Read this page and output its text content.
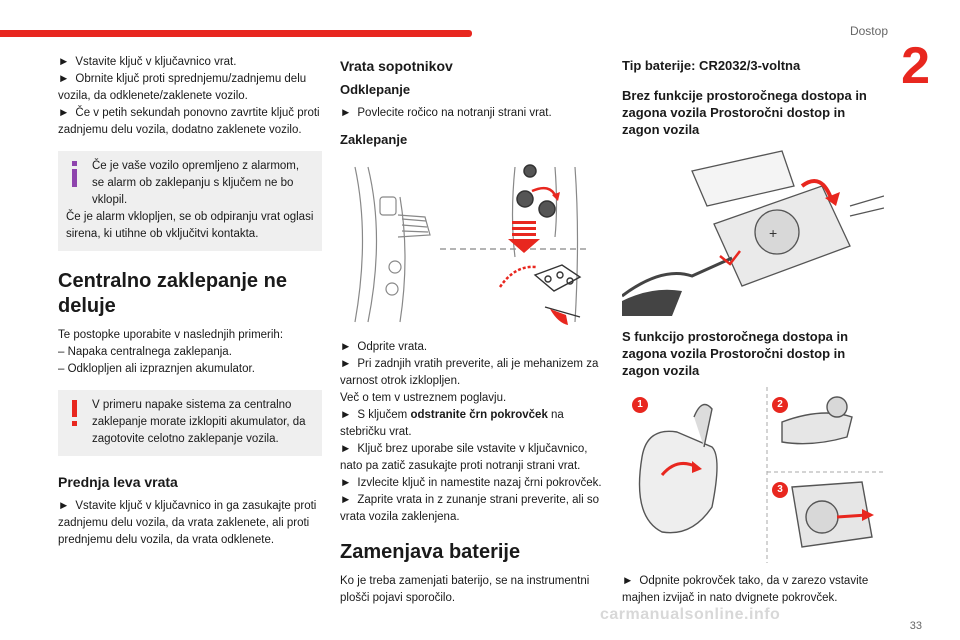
Dostop
2
33
carmanualsonline.info

► Vstavite ključ v ključavnico vrat.

► Obrnite ključ proti sprednjemu/zadnjemu delu vozila, da odklenete/zaklenete vozilo.

► Če v petih sekundah ponovno zavrtite ključ proti zadnjemu delu vozila, dodatno zaklenete vozilo.

Če je vaše vozilo opremljeno z alarmom, se alarm ob zaklepanju s ključem ne bo vklopil.

Če je alarm vklopljen, se ob odpiranju vrat oglasi sirena, ki utihne ob vključitvi kontakta.

Centralno zaklepanje ne deluje

Te postopke uporabite v naslednjih primerih:

– Napaka centralnega zaklepanja.

– Odklopljen ali izpraznjen akumulator.

V primeru napake sistema za centralno zaklepanje morate izklopiti akumulator, da zagotovite celotno zaklepanje vozila.

Prednja leva vrata

► Vstavite ključ v ključavnico in ga zasukajte proti zadnjemu delu vozila, da vrata zaklenete, ali proti prednjemu delu vozila, da vrata odklenete.

Vrata sopotnikov
Odklepanje

► Povlecite ročico na notranji strani vrat.

Zaklepanje

► Odprite vrata.

► Pri zadnjih vratih preverite, ali je mehanizem za varnost otrok izklopljen.

Več o tem v ustreznem poglavju.

► S ključem odstranite črn pokrovček na stebričku vrat.

► Ključ brez uporabe sile vstavite v ključavnico, nato pa zatič zasukajte proti notranji strani vrat.

► Izvlecite ključ in namestite nazaj črni pokrovček.

► Zaprite vrata in z zunanje strani preverite, ali so vrata vozila zaklenjena.

Zamenjava baterije

Ko je treba zamenjati baterijo, se na instrumentni plošči pojavi sporočilo.

Tip baterije: CR2032/3-voltna
Brez funkcije prostoročnega dostopa in zagona vozila Prostoročni dostop in zagon vozila
+
S funkcijo prostoročnega dostopa in zagona vozila Prostoročni dostop in zagon vozila
1	2
3

► Odpnite pokrovček tako, da v zarezo vstavite majhen izvijač in nato dvignete pokrovček.
